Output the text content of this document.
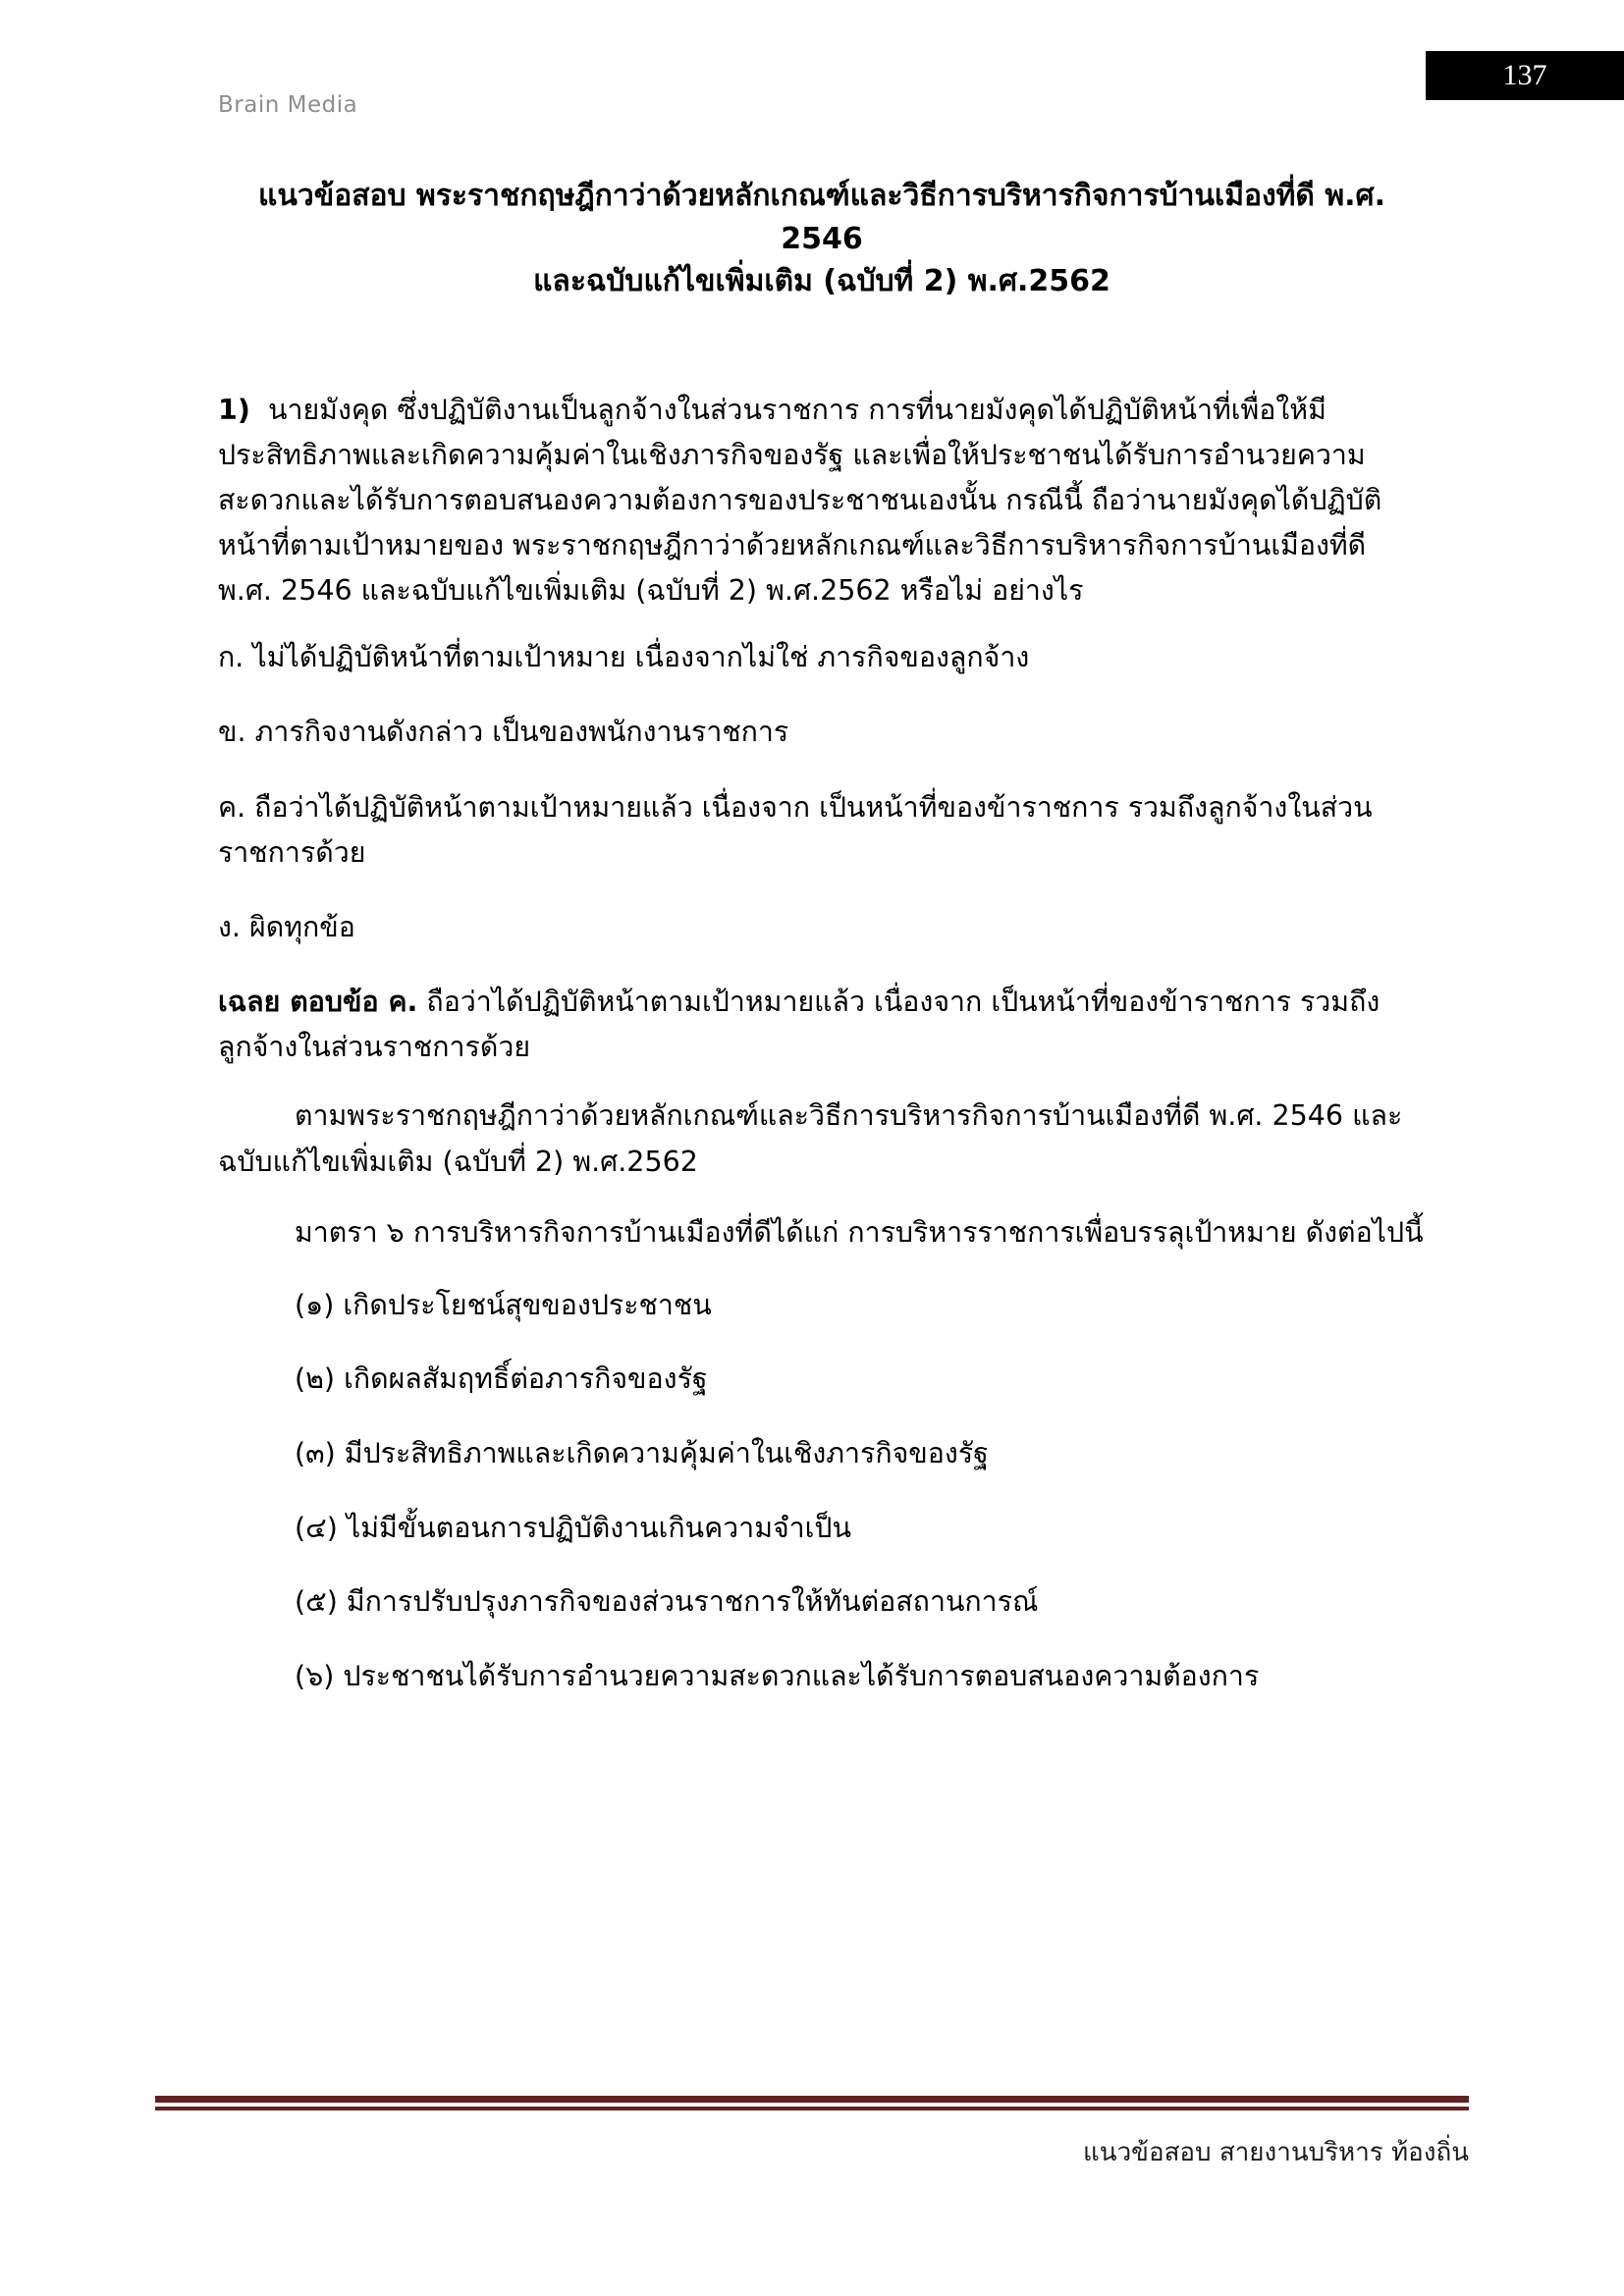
Brain Media
137
แนวข้อสอบ พระราชกฤษฎีกาว่าด้วยหลักเกณฑ์และวิธีการบริหารกิจการบ้านเมืองที่ดี พ.ศ. 2546
และฉบับแก้ไขเพิ่มเติม (ฉบับที่ 2) พ.ศ.2562

1) นายมังคุด ซึ่งปฏิบัติงานเป็นลูกจ้างในส่วนราชการ การที่นายมังคุดได้ปฏิบัติหน้าที่เพื่อให้มีประสิทธิภาพและเกิดความคุ้มค่าในเชิงภารกิจของรัฐ และเพื่อให้ประชาชนได้รับการอำนวยความสะดวกและได้รับการตอบสนองความต้องการของประชาชนเองนั้น กรณีนี้ ถือว่านายมังคุดได้ปฏิบัติหน้าที่ตามเป้าหมายของ พระราชกฤษฎีกาว่าด้วยหลักเกณฑ์และวิธีการบริหารกิจการบ้านเมืองที่ดี พ.ศ. 2546 และฉบับแก้ไขเพิ่มเติม (ฉบับที่ 2) พ.ศ.2562 หรือไม่ อย่างไร

ก. ไม่ได้ปฏิบัติหน้าที่ตามเป้าหมาย เนื่องจากไม่ใช่ ภารกิจของลูกจ้าง

ข. ภารกิจงานดังกล่าว เป็นของพนักงานราชการ

ค. ถือว่าได้ปฏิบัติหน้าตามเป้าหมายแล้ว เนื่องจาก เป็นหน้าที่ของข้าราชการ รวมถึงลูกจ้างในส่วนราชการด้วย

ง. ผิดทุกข้อ

เฉลย ตอบข้อ ค. ถือว่าได้ปฏิบัติหน้าตามเป้าหมายแล้ว เนื่องจาก เป็นหน้าที่ของข้าราชการ รวมถึงลูกจ้างในส่วนราชการด้วย

ตามพระราชกฤษฎีกาว่าด้วยหลักเกณฑ์และวิธีการบริหารกิจการบ้านเมืองที่ดี พ.ศ. 2546 และฉบับแก้ไขเพิ่มเติม (ฉบับที่ 2) พ.ศ.2562

มาตรา ๖ การบริหารกิจการบ้านเมืองที่ดีได้แก่ การบริหารราชการเพื่อบรรลุเป้าหมาย ดังต่อไปนี้

(๑) เกิดประโยชน์สุขของประชาชน

(๒) เกิดผลสัมฤทธิ์ต่อภารกิจของรัฐ

(๓) มีประสิทธิภาพและเกิดความคุ้มค่าในเชิงภารกิจของรัฐ

(๔) ไม่มีขั้นตอนการปฏิบัติงานเกินความจำเป็น

(๕) มีการปรับปรุงภารกิจของส่วนราชการให้ทันต่อสถานการณ์

(๖) ประชาชนได้รับการอำนวยความสะดวกและได้รับการตอบสนองความต้องการ

แนวข้อสอบ สายงานบริหาร ท้องถิ่น
